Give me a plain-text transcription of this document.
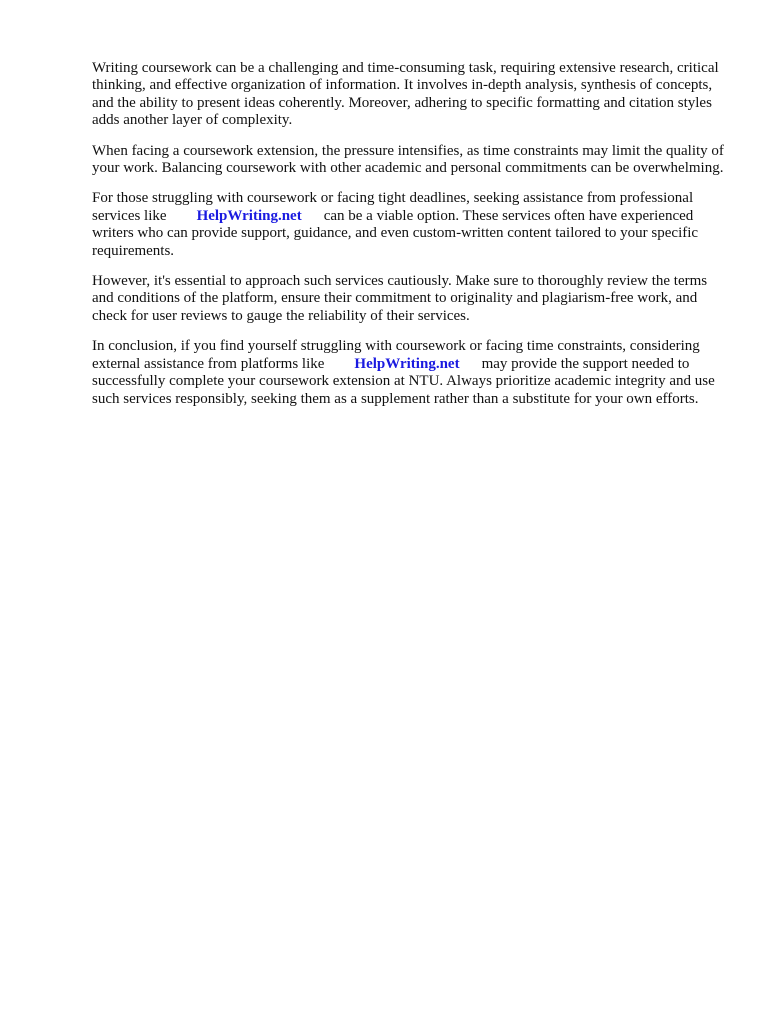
Writing coursework can be a challenging and time-consuming task, requiring extensive research, critical thinking, and effective organization of information. It involves in-depth analysis, synthesis of concepts, and the ability to present ideas coherently. Moreover, adhering to specific formatting and citation styles adds another layer of complexity.

When facing a coursework extension, the pressure intensifies, as time constraints may limit the quality of your work. Balancing coursework with other academic and personal commitments can be overwhelming.

For those struggling with coursework or facing tight deadlines, seeking assistance from professional services like HelpWriting.net can be a viable option. These services often have experienced writers who can provide support, guidance, and even custom-written content tailored to your specific requirements.

However, it's essential to approach such services cautiously. Make sure to thoroughly review the terms and conditions of the platform, ensure their commitment to originality and plagiarism-free work, and check for user reviews to gauge the reliability of their services.

In conclusion, if you find yourself struggling with coursework or facing time constraints, considering external assistance from platforms like HelpWriting.net may provide the support needed to successfully complete your coursework extension at NTU. Always prioritize academic integrity and use such services responsibly, seeking them as a supplement rather than a substitute for your own efforts.
